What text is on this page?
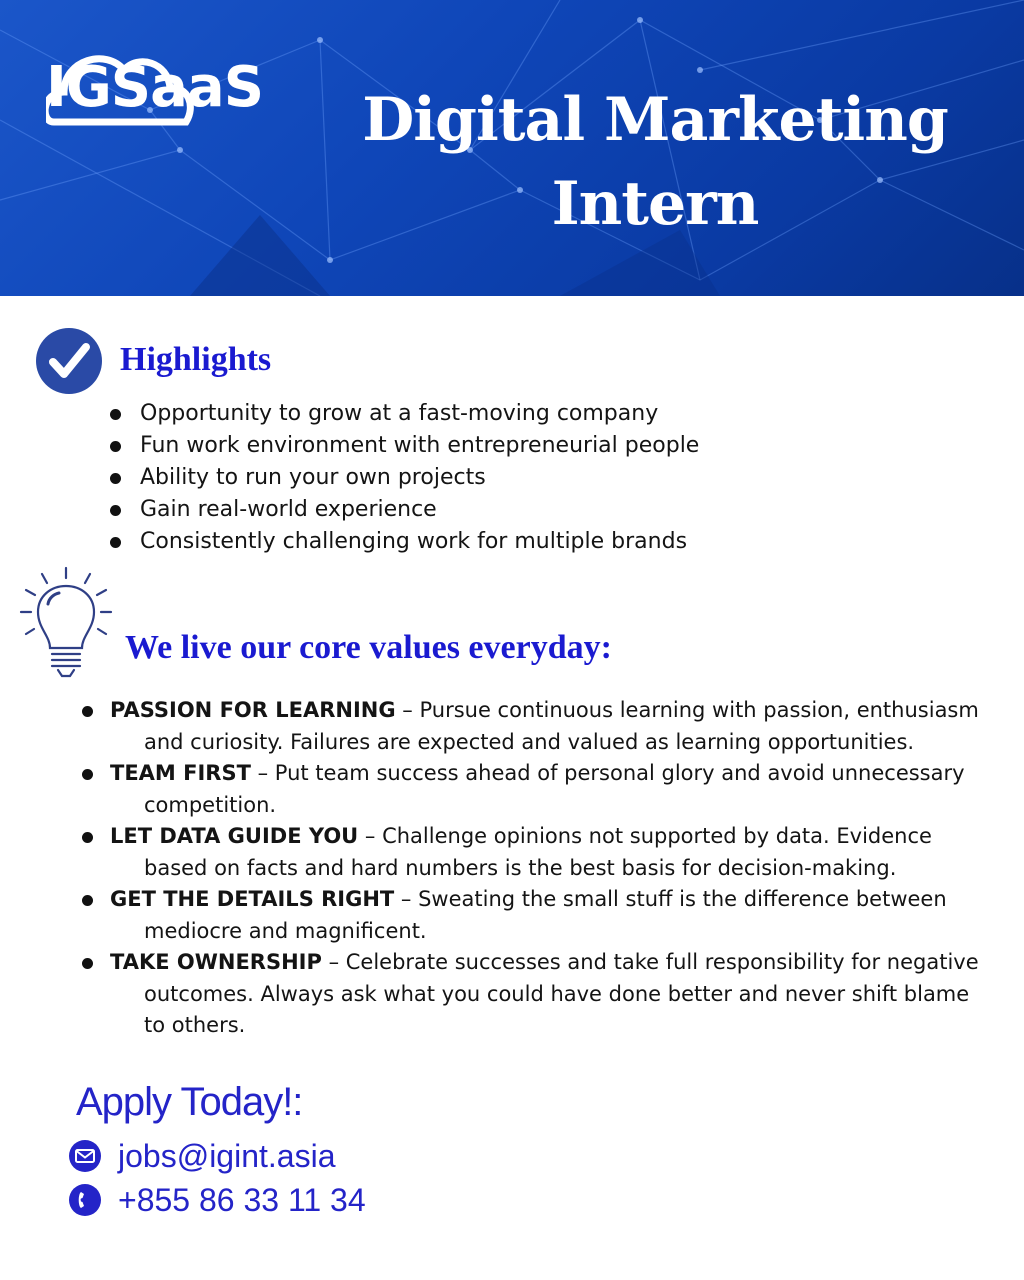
IGSaaS Digital Marketing
Intern
Highlights
Opportunity to grow at a fast-moving company
Fun work environment with entrepreneurial people
Ability to run your own projects
Gain real-world experience
Consistently challenging work for multiple brands
We live our core values everyday:
PASSION FOR LEARNING – Pursue continuous learning with passion, enthusiasm
and curiosity. Failures are expected and valued as learning opportunities.
TEAM FIRST – Put team success ahead of personal glory and avoid unnecessary
competition.
LET DATA GUIDE YOU – Challenge opinions not supported by data. Evidence
based on facts and hard numbers is the best basis for decision-making.
GET THE DETAILS RIGHT – Sweating the small stuff is the difference between
mediocre and magnificent.
TAKE OWNERSHIP – Celebrate successes and take full responsibility for negative
outcomes. Always ask what you could have done better and never shift blame
to others.
Apply Today!:
jobs@igint.asia
+855 86 33 11 34
